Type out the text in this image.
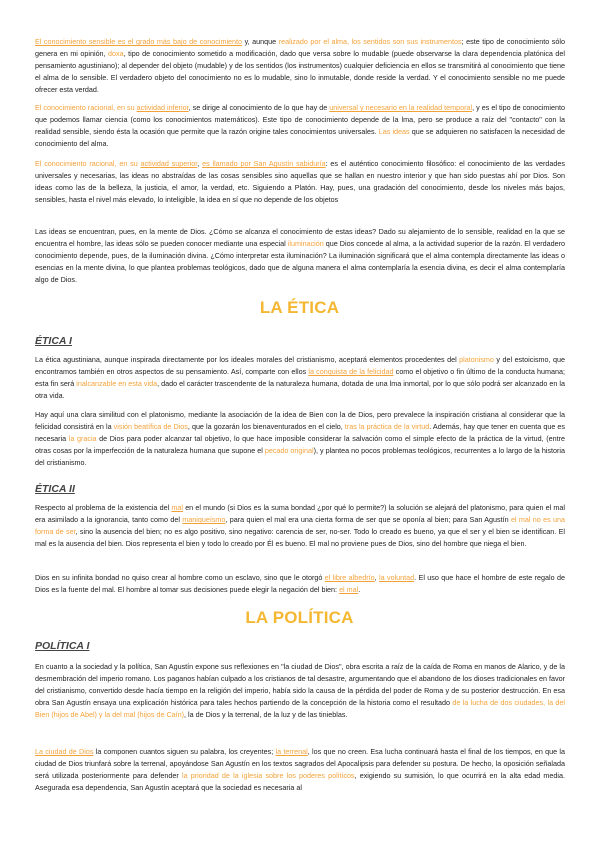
El conocimiento sensible es el grado más bajo de conocimiento y, aunque realizado por el alma, los sentidos son sus instrumentos; este tipo de conocimiento sólo genera en mi opinión, doxa, tipo de conocimiento sometido a modificación, dado que versa sobre lo mudable (puede observarse la clara dependencia platónica del pensamiento agustiniano); al depender del objeto (mudable) y de los sentidos (los instrumentos) cualquier deficiencia en ellos se transmitirá al conocimiento que tiene el alma de lo sensible. El verdadero objeto del conocimiento no es lo mudable, sino lo inmutable, donde reside la verdad. Y el conocimiento sensible no me puede ofrecer esta verdad.

El conocimiento racional, en su actividad inferior, se dirige al conocimiento de lo que hay de universal y necesario en la realidad temporal, y es el tipo de conocimiento que podemos llamar ciencia (como los conocimientos matemáticos). Este tipo de conocimiento depende de la lma, pero se produce a raíz del "contacto" con la realidad sensible, siendo ésta la ocasión que permite que la razón origine tales conocimientos universales. Las ideas que se adquieren no satisfacen la necesidad de conocimiento del alma.

El conocimiento racional, en su actividad superior, es llamado por San Agustín sabiduría: es el auténtico conocimiento filosófico: el conocimiento de las verdades universales y necesarias, las ideas no abstraídas de las cosas sensibles sino aquellas que se hallan en nuestro interior y que han sido puestas ahí por Dios. Son ideas como las de la belleza, la justicia, el amor, la verdad, etc. Siguiendo a Platón. Hay, pues, una gradación del conocimiento, desde los niveles más bajos, sensibles, hasta el nivel más elevado, lo inteligible, la idea en sí que no depende de los objetos

Las ideas se encuentran, pues, en la mente de Dios. ¿Cómo se alcanza el conocimiento de estas ideas? Dado su alejamiento de lo sensible, realidad en la que se encuentra el hombre, las ideas sólo se pueden conocer mediante una especial iluminación que Dios concede al alma, a la actividad superior de la razón. El verdadero conocimiento depende, pues, de la iluminación divina. ¿Cómo interpretar esta iluminación? La iluminación significará que el alma contempla directamente las ideas o esencias en la mente divina, lo que plantea problemas teológicos, dado que de alguna manera el alma contemplaría la esencia divina, es decir el alma contemplaría algo de Dios.

LA ÉTICA
ÉTICA I

La ética agustiniana, aunque inspirada directamente por los ideales morales del cristianismo, aceptará elementos procedentes del platonismo y del estoicismo, que encontramos también en otros aspectos de su pensamiento. Así, comparte con ellos la conquista de la felicidad como el objetivo o fin último de la conducta humana; esta fin será inalcanzable en esta vida, dado el carácter trascendente de la naturaleza humana, dotada de una lma inmortal, por lo que sólo podrá ser alcanzado en la otra vida.

Hay aquí una clara similitud con el platonismo, mediante la asociación de la idea de Bien con la de Dios, pero prevalece la inspiración cristiana al considerar que la felicidad consistirá en la visión beatífica de Dios, que la gozarán los bienaventurados en el cielo, tras la práctica de la virtud. Además, hay que tener en cuenta que es necesaria la gracia de Dios para poder alcanzar tal objetivo, lo que hace imposible considerar la salvación como el simple efecto de la práctica de la virtud, (entre otras cosas por la imperfección de la naturaleza humana que supone el pecado original), y plantea no pocos problemas teológicos, recurrentes a lo largo de la historia del cristianismo.

ÉTICA II

Respecto al problema de la existencia del mal en el mundo (si Dios es la suma bondad ¿por qué lo permite?) la solución se alejará del platonismo, para quien el mal era asimilado a la ignorancia, tanto como del maniqueísmo, para quien el mal era una cierta forma de ser que se oponía al bien; para San Agustín el mal no es una forma de ser, sino la ausencia del bien; no es algo positivo, sino negativo: carencia de ser, no-ser. Todo lo creado es bueno, ya que el ser y el bien se identifican. El mal es la ausencia del bien. Dios representa el bien y todo lo creado por Él es bueno. El mal no proviene pues de Dios, sino del hombre que niega el bien.

Dios en su infinita bondad no quiso crear al hombre como un esclavo, sino que le otorgó el libre albedrío, la voluntad. El uso que hace el hombre de este regalo de Dios es la fuente del mal. El hombre al tomar sus decisiones puede elegir la negación del bien: el mal.

LA POLÍTICA
POLÍTICA I

En cuanto a la sociedad y la política, San Agustín expone sus reflexiones en "la ciudad de Dios", obra escrita a raíz de la caída de Roma en manos de Alarico, y de la desmembración del imperio romano. Los paganos habían culpado a los cristianos de tal desastre, argumentando que el abandono de los dioses tradicionales en favor del cristianismo, convertido desde hacía tiempo en la religión del imperio, había sido la causa de la pérdida del poder de Roma y de su posterior destrucción. En esa obra San Agustín ensaya una explicación histórica para tales hechos partiendo de la concepción de la historia como el resultado de la lucha de dos ciudades, la del Bien (hijos de Abel) y la del mal (hijos de Caín), la de Dios y la terrenal, de la luz y de las tinieblas.

La ciudad de Dios la componen cuantos siguen su palabra, los creyentes; la terrenal, los que no creen. Esa lucha continuará hasta el final de los tiempos, en que la ciudad de Dios triunfará sobre la terrenal, apoyándose San Agustín en los textos sagrados del Apocalipsis para defender su postura. De hecho, la oposición señalada será utilizada posteriormente para defender la prioridad de la iglesia sobre los poderes políticos, exigiendo su sumisión, lo que ocurrirá en la alta edad media. Asegurada esa dependencia, San Agustín aceptará que la sociedad es necesaria al
